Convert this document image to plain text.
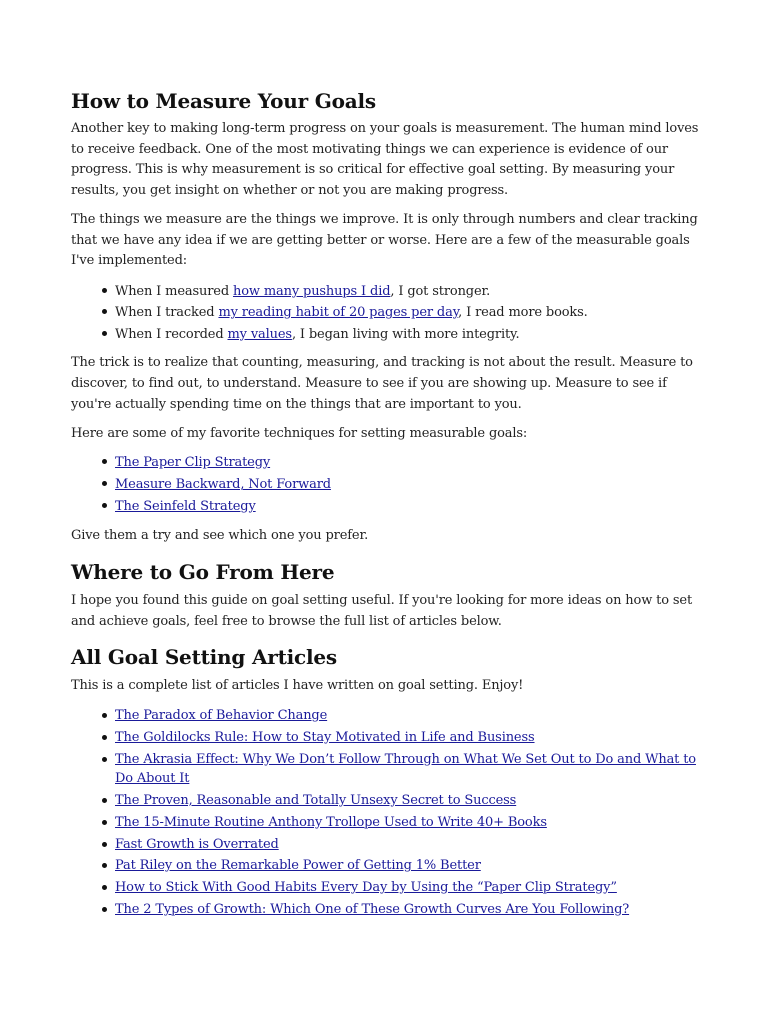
How to Measure Your Goals

Another key to making long-term progress on your goals is measurement. The human mind loves to receive feedback. One of the most motivating things we can experience is evidence of our progress. This is why measurement is so critical for effective goal setting. By measuring your results, you get insight on whether or not you are making progress.

The things we measure are the things we improve. It is only through numbers and clear tracking that we have any idea if we are getting better or worse. Here are a few of the measurable goals I've implemented:

When I measured how many pushups I did, I got stronger.
When I tracked my reading habit of 20 pages per day, I read more books.
When I recorded my values, I began living with more integrity.

The trick is to realize that counting, measuring, and tracking is not about the result. Measure to discover, to find out, to understand. Measure to see if you are showing up. Measure to see if you're actually spending time on the things that are important to you.

Here are some of my favorite techniques for setting measurable goals:

The Paper Clip Strategy
Measure Backward, Not Forward
The Seinfeld Strategy

Give them a try and see which one you prefer.

Where to Go From Here

I hope you found this guide on goal setting useful. If you're looking for more ideas on how to set and achieve goals, feel free to browse the full list of articles below.

All Goal Setting Articles

This is a complete list of articles I have written on goal setting. Enjoy!

The Paradox of Behavior Change
The Goldilocks Rule: How to Stay Motivated in Life and Business
The Akrasia Effect: Why We Don’t Follow Through on What We Set Out to Do and What to Do About It
The Proven, Reasonable and Totally Unsexy Secret to Success
The 15-Minute Routine Anthony Trollope Used to Write 40+ Books
Fast Growth is Overrated
Pat Riley on the Remarkable Power of Getting 1% Better
How to Stick With Good Habits Every Day by Using the “Paper Clip Strategy”
The 2 Types of Growth: Which One of These Growth Curves Are You Following?
